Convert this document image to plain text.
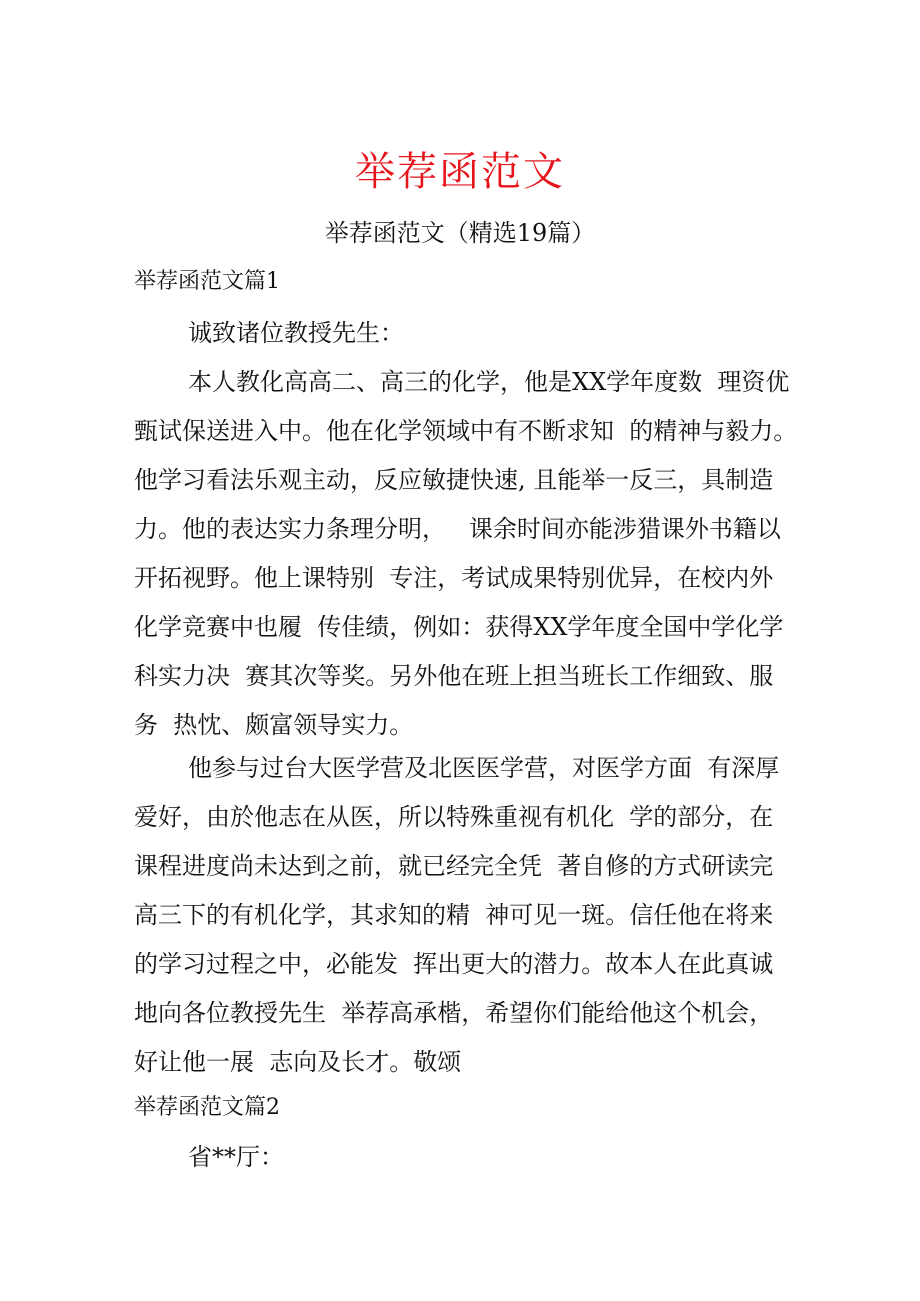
举荐函范文
举荐函范文（精选19篇）
举荐函范文篇1
诚致诸位教授先生：
本人教化高高二、高三的化学，他是XX学年度数  理资优
甄试保送进入中。他在化学领域中有不断求知  的精神与毅力。
他学习看法乐观主动，反应敏捷快速, 且能举一反三，具制造
力。他的表达实力条理分明，   课余时间亦能涉猎课外书籍以
开拓视野。他上课特别  专注，考试成果特别优异，在校内外
化学竞赛中也履  传佳绩，例如：获得XX学年度全国中学化学
科实力决  赛其次等奖。另外他在班上担当班长工作细致、服
务  热忱、颇富领导实力。
他参与过台大医学营及北医医学营，对医学方面  有深厚
爱好，由於他志在从医，所以特殊重视有机化  学的部分，在
课程进度尚未达到之前，就已经完全凭  著自修的方式研读完
高三下的有机化学，其求知的精  神可见一斑。信任他在将来
的学习过程之中，必能发  挥出更大的潜力。故本人在此真诚
地向各位教授先生  举荐高承楷，希望你们能给他这个机会，
好让他一展  志向及长才。敬颂
举荐函范文篇2
省**厅：
